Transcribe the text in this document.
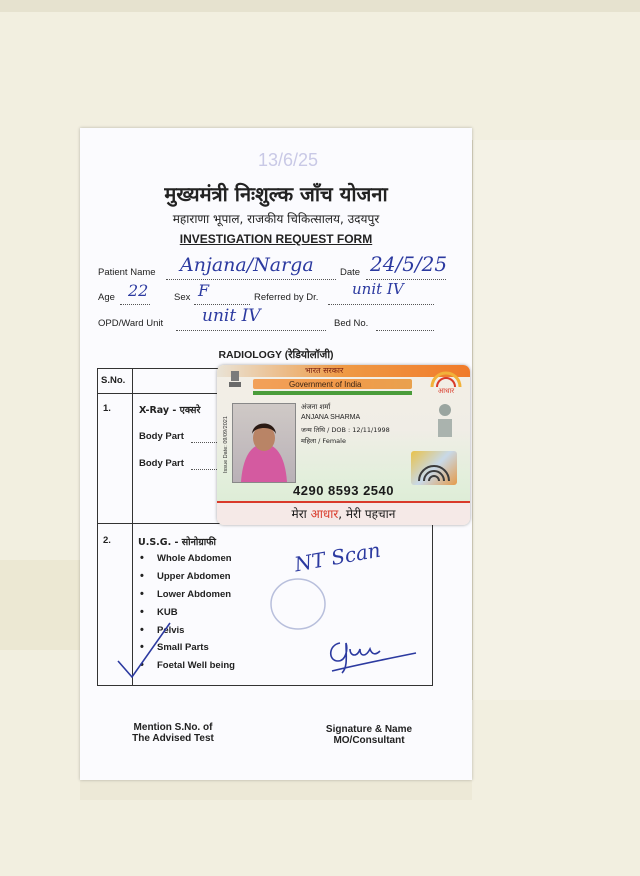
13/6/25
मुख्यमंत्री निःशुल्क जाँच योजना
महाराणा भूपाल, राजकीय चिकित्सालय, उदयपुर
INVESTIGATION REQUEST FORM
Patient Name Anjana/Narga	Date 24/5/25
Age 22	Sex F	Referred by Dr. unit IV
OPD/Ward Unit unit IV	Bed No.
RADIOLOGY (रेडियोलॉजी)
S.No.
1.	X-Ray - एक्सरे
Body Part
Body Part
2.	U.S.G. - सोनोग्राफी
• Whole Abdomen
• Upper Abdomen
• Lower Abdomen
• KUB
• Pelvis
• Small Parts
• Foetal Well being
NT Scan
Mention S.No. of
The Advised Test
Signature & Name
MO/Consultant
भारत सरकार
Government of India
आधार
Issue Date: 09/09/2021
अंजना शर्मा
ANJANA SHARMA
जन्म तिथि / DOB : 12/11/1998
महिला / Female
4290 8593 2540
मेरा आधार, मेरी पहचान
